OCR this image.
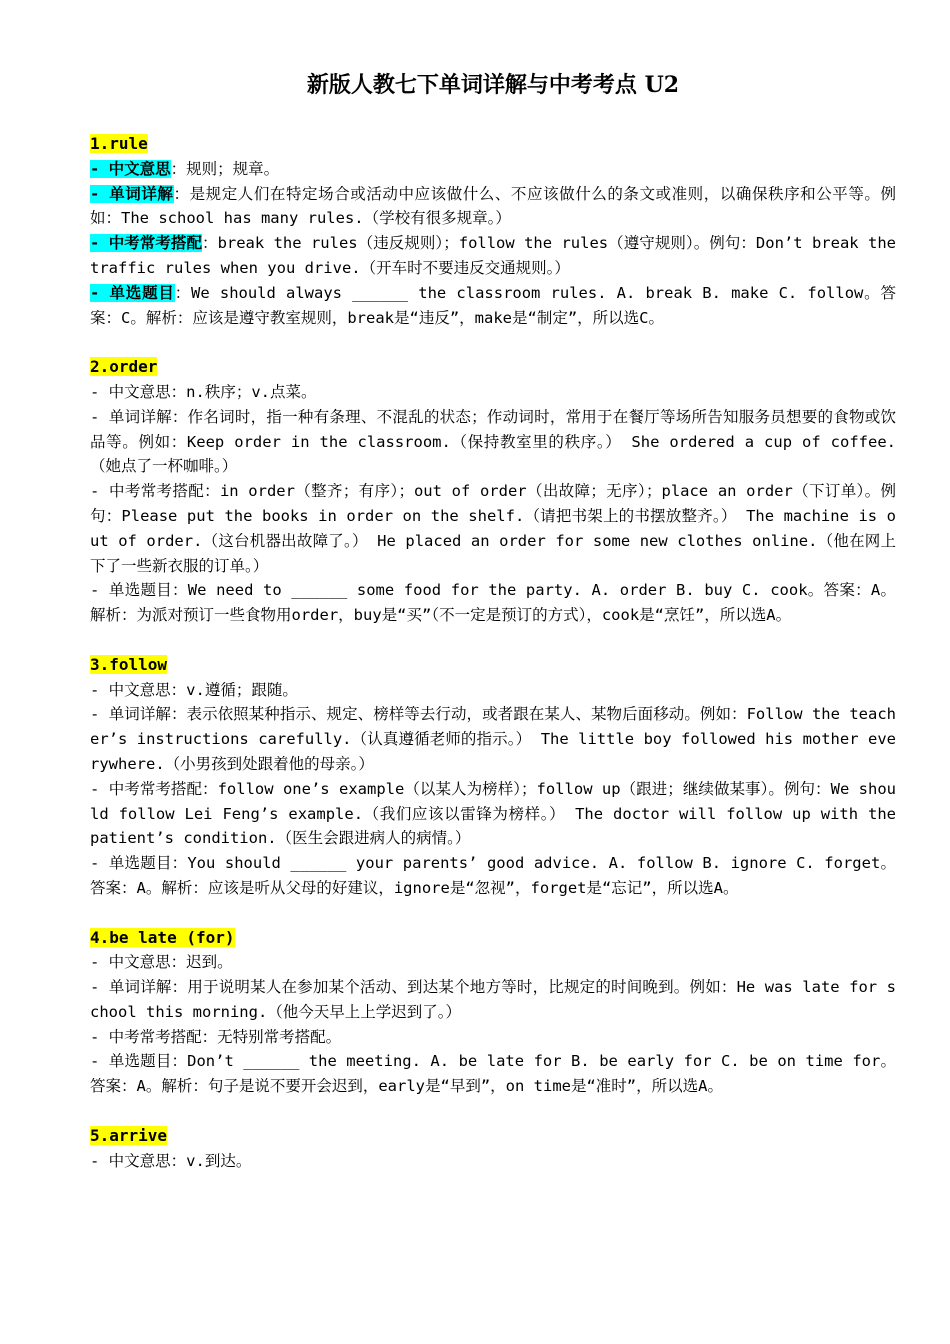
新版人教七下单词详解与中考考点 U2
1.rule
- 中文意思：规则；规章。
- 单词详解：是规定人们在特定场合或活动中应该做什么、不应该做什么的条文或准则，以确保秩序和公平等。例如：The school has many rules.（学校有很多规章。）
- 中考常考搭配：break the rules（违反规则）；follow the rules（遵守规则）。例句：Don’t break the traffic rules when you drive.（开车时不要违反交通规则。）
- 单选题目：We should always ______ the classroom rules. A. break B. make C. follow。答案：C。解析：应该是遵守教室规则，break是“违反”，make是“制定”，所以选C。
2.order
- 中文意思：n.秩序；v.点菜。
- 单词详解：作名词时，指一种有条理、不混乱的状态；作动词时，常用于在餐厅等场所告知服务员想要的食物或饮品等。例如：Keep order in the classroom.（保持教室里的秩序。） She ordered a cup of coffee.（她点了一杯咖啡。）
- 中考常考搭配：in order（整齐；有序）；out of order（出故障；无序）；place an order（下订单）。例句：Please put the books in order on the shelf.（请把书架上的书摆放整齐。） The machine is out of order.（这台机器出故障了。） He placed an order for some new clothes online.（他在网上下了一些新衣服的订单。）
- 单选题目：We need to ______ some food for the party. A. order B. buy C. cook。答案：A。解析：为派对预订一些食物用order，buy是“买”（不一定是预订的方式），cook是“烹饪”，所以选A。
3.follow
- 中文意思：v.遵循；跟随。
- 单词详解：表示依照某种指示、规定、榜样等去行动，或者跟在某人、某物后面移动。例如：Follow the teacher’s instructions carefully.（认真遵循老师的指示。） The little boy followed his mother everywhere.（小男孩到处跟着他的母亲。）
- 中考常考搭配：follow one’s example（以某人为榜样）；follow up（跟进；继续做某事）。例句：We should follow Lei Feng’s example.（我们应该以雷锋为榜样。） The doctor will follow up with the patient’s condition.（医生会跟进病人的病情。）
- 单选题目：You should ______ your parents’ good advice. A. follow B. ignore C. forget。答案：A。解析：应该是听从父母的好建议，ignore是“忽视”，forget是“忘记”，所以选A。
4.be late (for)
- 中文意思：迟到。
- 单词详解：用于说明某人在参加某个活动、到达某个地方等时，比规定的时间晚到。例如：He was late for school this morning.（他今天早上上学迟到了。）
- 中考常考搭配：无特别常考搭配。
- 单选题目：Don’t ______ the meeting. A. be late for B. be early for C. be on time for。答案：A。解析：句子是说不要开会迟到，early是“早到”，on time是“准时”，所以选A。
5.arrive
- 中文意思：v.到达。
